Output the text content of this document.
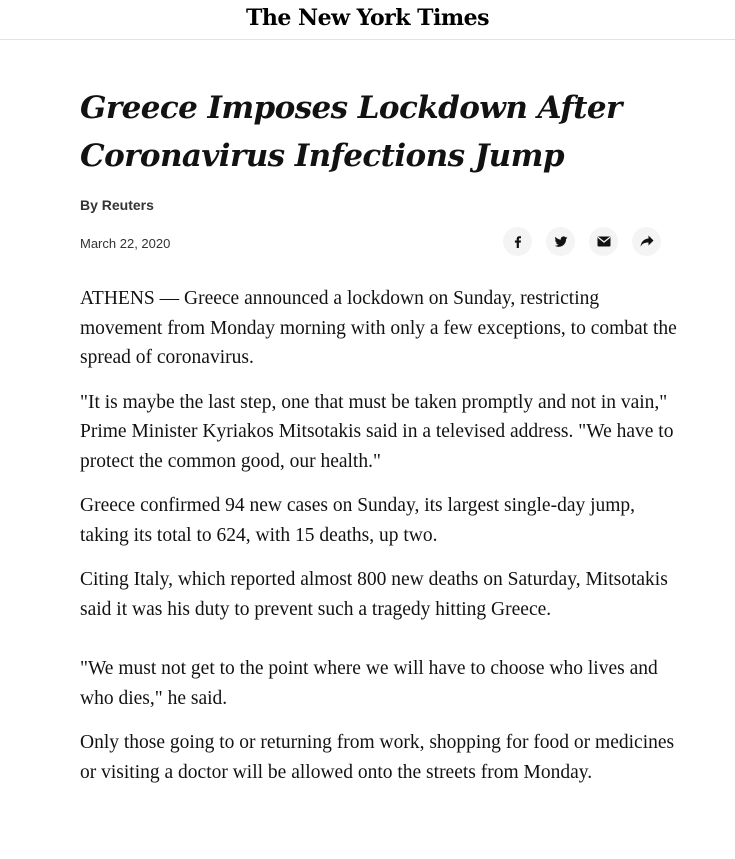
The New York Times
Greece Imposes Lockdown After
Coronavirus Infections Jump
By Reuters
March 22, 2020

ATHENS — Greece announced a lockdown on Sunday, restricting movement from Monday morning with only a few exceptions, to combat the spread of coronavirus.

"It is maybe the last step, one that must be taken promptly and not in vain," Prime Minister Kyriakos Mitsotakis said in a televised address. "We have to protect the common good, our health."

Greece confirmed 94 new cases on Sunday, its largest single-day jump, taking its total to 624, with 15 deaths, up two.

Citing Italy, which reported almost 800 new deaths on Saturday, Mitsotakis said it was his duty to prevent such a tragedy hitting Greece.

"We must not get to the point where we will have to choose who lives and who dies," he said.

Only those going to or returning from work, shopping for food or medicines or visiting a doctor will be allowed onto the streets from Monday.
